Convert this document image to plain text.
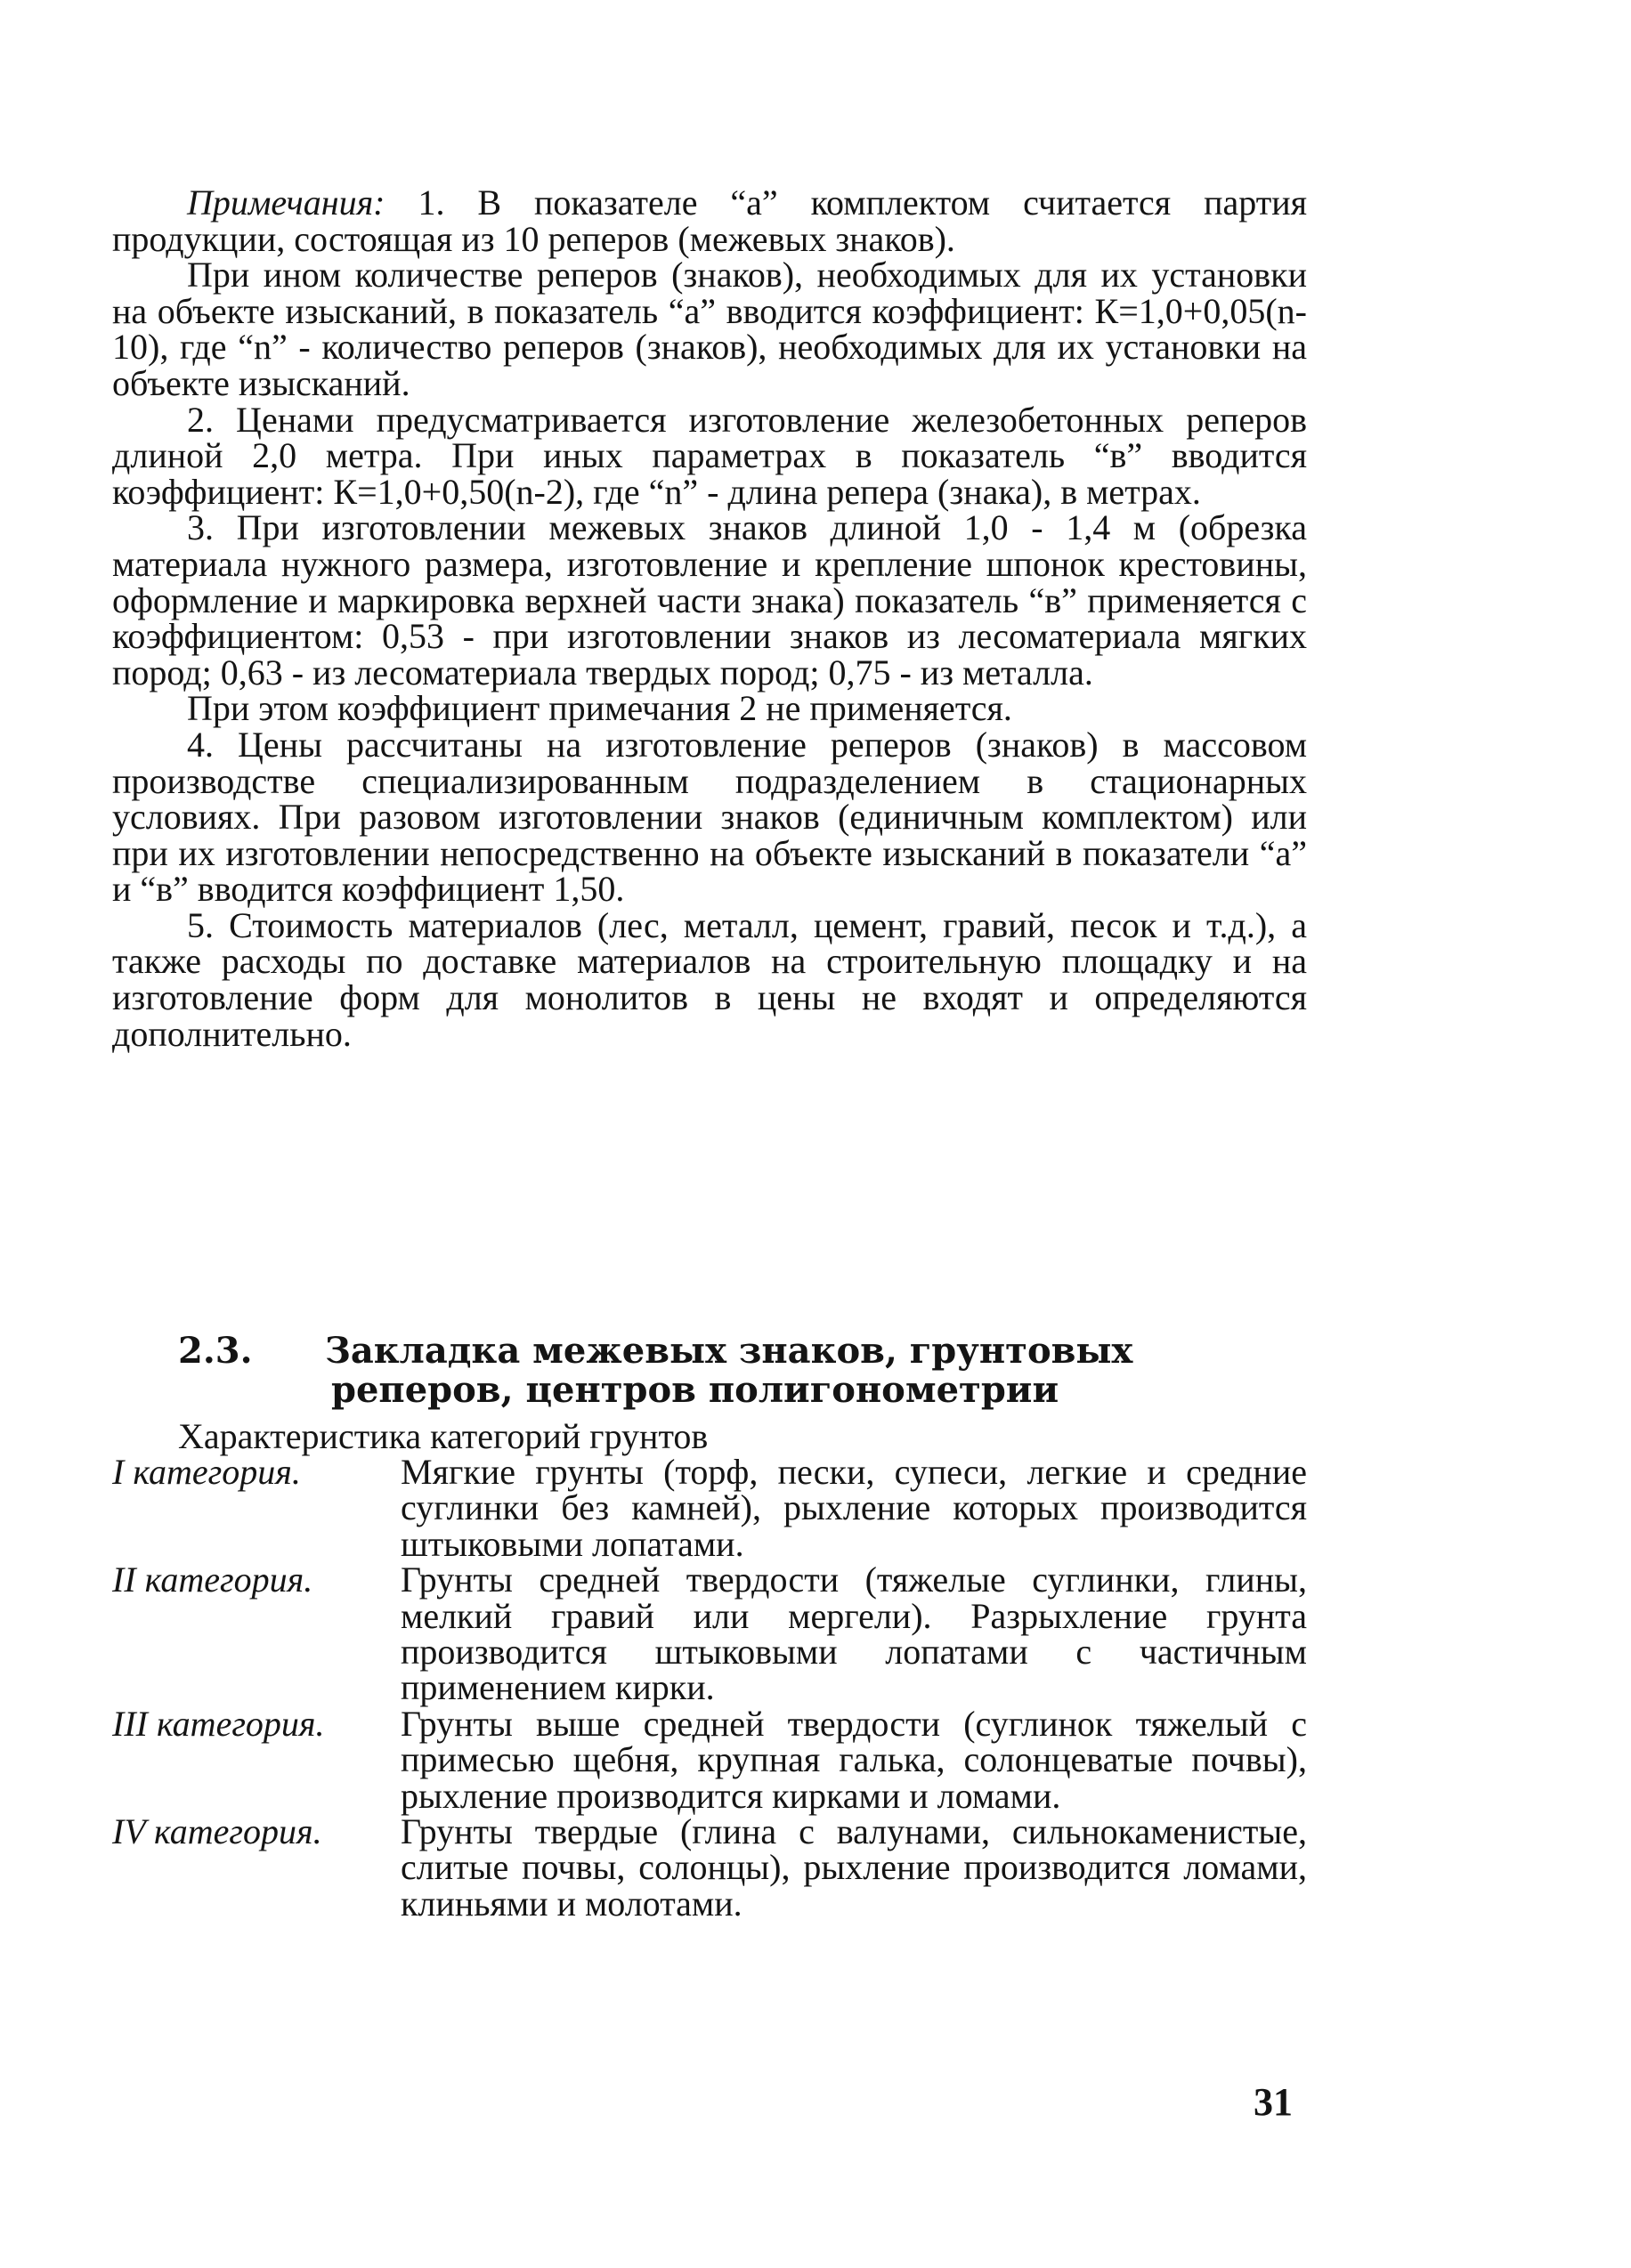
Примечания: 1. В показателе “а” комплектом считается партия продукции, состоящая из 10 реперов (межевых знаков).

При ином количестве реперов (знаков), необходимых для их установки на объекте изысканий, в показатель “а” вводится коэффициент: К=1,0+0,05(n-10), где “n” - количество реперов (знаков), необходимых для их установки на объекте изысканий.

2. Ценами предусматривается изготовление железобетонных реперов длиной 2,0 метра. При иных параметрах в показатель “в” вводится коэффициент: К=1,0+0,50(n-2), где “n” - длина репера (знака), в метрах.

3. При изготовлении межевых знаков длиной 1,0 - 1,4 м (обрезка материала нужного размера, изготовление и крепление шпонок крестовины, оформление и маркировка верхней части знака) показатель “в” применяется с коэффициентом: 0,53 - при изготовлении знаков из лесоматериала мягких пород; 0,63 - из лесоматериала твердых пород; 0,75 - из металла.

При этом коэффициент примечания 2 не применяется.

4. Цены рассчитаны на изготовление реперов (знаков) в массовом производстве специализированным подразделением в стационарных условиях. При разовом изготовлении знаков (единичным комплектом) или при их изготовлении непосредственно на объекте изысканий в показатели “а” и “в” вводится коэффициент 1,50.

5. Стоимость материалов (лес, металл, цемент, гравий, песок и т.д.), а также расходы по доставке материалов на строительную площадку и на изготовление форм для монолитов в цены не входят и определяются дополнительно.

2.3. Закладка межевых знаков, грунтовых
реперов, центров полигонометрии
Характеристика категорий грунтов
I категория.	Мягкие грунты (торф, пески, супеси, легкие и средние суглинки без камней), рыхление которых производится штыковыми лопатами.
II категория. Грунты средней твердости (тяжелые суглинки, глины, мелкий гравий или мергели). Разрыхление грунта производится штыковыми лопатами с частичным применением кирки.
III категория. Грунты выше средней твердости (суглинок тяжелый с примесью щебня, крупная галька, солонцеватые почвы), рыхление производится кирками и ломами.
IV категория. Грунты твердые (глина с валунами, сильнокаменистые, слитые почвы, солонцы), рыхление производится ломами, клиньями и молотами.
31
